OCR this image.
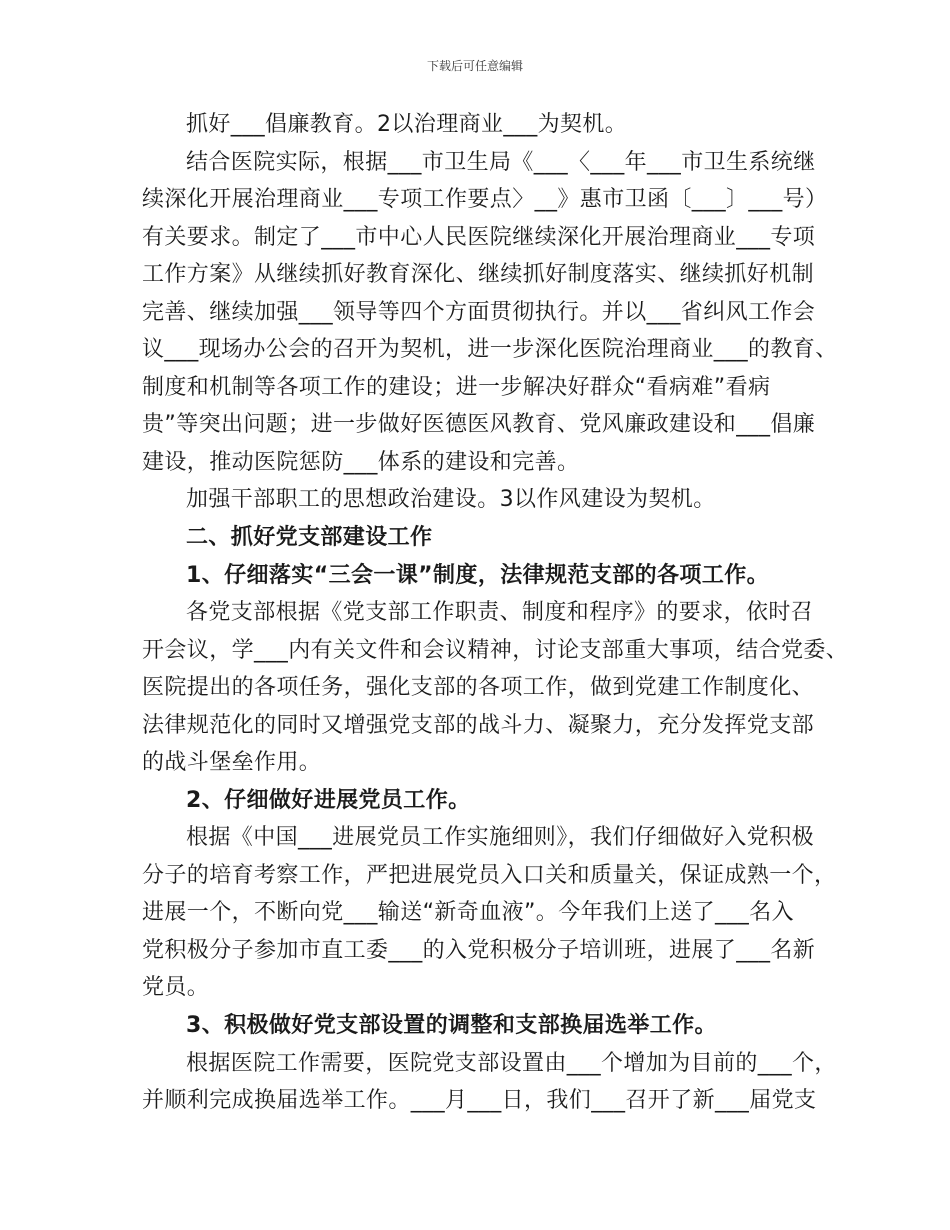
下载后可任意编辑
抓好___倡廉教育。2以治理商业___为契机。
结合医院实际，根据___市卫生局《___〈___年___市卫生系统继
续深化开展治理商业___专项工作要点〉__》惠市卫函〔___〕___号）
有关要求。制定了___市中心人民医院继续深化开展治理商业___专项
工作方案》从继续抓好教育深化、继续抓好制度落实、继续抓好机制
完善、继续加强___领导等四个方面贯彻执行。并以___省纠风工作会
议___现场办公会的召开为契机，进一步深化医院治理商业___的教育、
制度和机制等各项工作的建设；进一步解决好群众“看病难”看病
贵”等突出问题；进一步做好医德医风教育、党风廉政建设和___倡廉
建设，推动医院惩防___体系的建设和完善。
加强干部职工的思想政治建设。3以作风建设为契机。
二、抓好党支部建设工作
1、仔细落实“三会一课”制度，法律规范支部的各项工作。
各党支部根据《党支部工作职责、制度和程序》的要求，依时召
开会议，学___内有关文件和会议精神，讨论支部重大事项，结合党委、
医院提出的各项任务，强化支部的各项工作，做到党建工作制度化、
法律规范化的同时又增强党支部的战斗力、凝聚力，充分发挥党支部
的战斗堡垒作用。
2、仔细做好进展党员工作。
根据《中国___进展党员工作实施细则》，我们仔细做好入党积极
分子的培育考察工作，严把进展党员入口关和质量关，保证成熟一个，
进展一个，不断向党___输送“新奇血液”。今年我们上送了___名入
党积极分子参加市直工委___的入党积极分子培训班，进展了___名新
党员。
3、积极做好党支部设置的调整和支部换届选举工作。
根据医院工作需要，医院党支部设置由___个增加为目前的___个，
并顺利完成换届选举工作。___月___日，我们___召开了新___届党支
